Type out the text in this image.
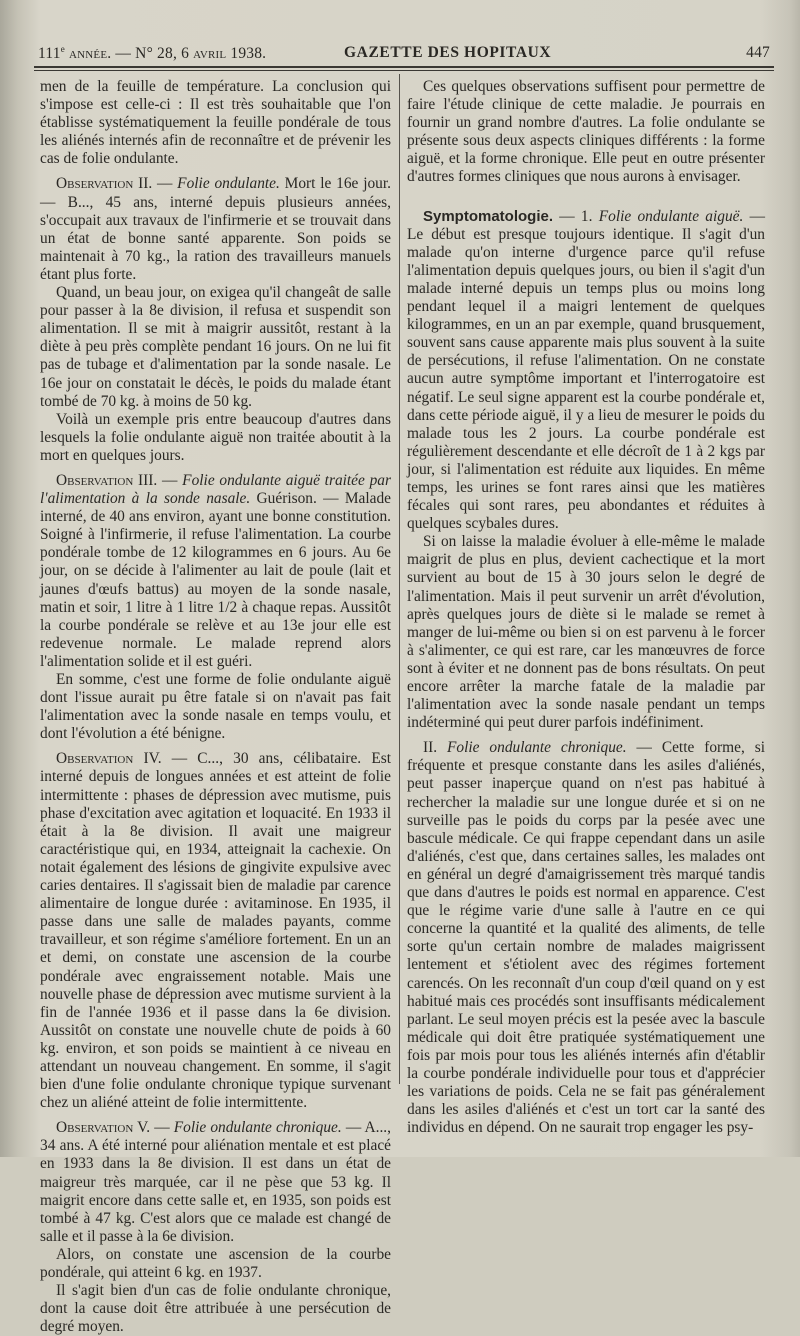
111e année. — N° 28, 6 avril 1938.	GAZETTE DES HOPITAUX	447

men de la feuille de température. La conclusion qui s'impose est celle-ci : Il est très souhaitable que l'on établisse systématiquement la feuille pondérale de tous les aliénés internés afin de reconnaître et de prévenir les cas de folie ondulante.

Observation II. — Folie ondulante. Mort le 16e jour. — B..., 45 ans, interné depuis plusieurs années, s'occupait aux travaux de l'infirmerie et se trouvait dans un état de bonne santé apparente. Son poids se maintenait à 70 kg., la ration des travailleurs manuels étant plus forte.

Quand, un beau jour, on exigea qu'il changeât de salle pour passer à la 8e division, il refusa et suspendit son alimentation. Il se mit à maigrir aussitôt, restant à la diète à peu près complète pendant 16 jours. On ne lui fit pas de tubage et d'alimentation par la sonde nasale. Le 16e jour on constatait le décès, le poids du malade étant tombé de 70 kg. à moins de 50 kg.

Voilà un exemple pris entre beaucoup d'autres dans lesquels la folie ondulante aiguë non traitée aboutit à la mort en quelques jours.

Observation III. — Folie ondulante aiguë traitée par l'alimentation à la sonde nasale. Guérison. — Malade interné, de 40 ans environ, ayant une bonne constitution. Soigné à l'infirmerie, il refuse l'alimentation. La courbe pondérale tombe de 12 kilogrammes en 6 jours. Au 6e jour, on se décide à l'alimenter au lait de poule (lait et jaunes d'œufs battus) au moyen de la sonde nasale, matin et soir, 1 litre à 1 litre 1/2 à chaque repas. Aussitôt la courbe pondérale se relève et au 13e jour elle est redevenue normale. Le malade reprend alors l'alimentation solide et il est guéri.

En somme, c'est une forme de folie ondulante aiguë dont l'issue aurait pu être fatale si on n'avait pas fait l'alimentation avec la sonde nasale en temps voulu, et dont l'évolution a été bénigne.

Observation IV. — C..., 30 ans, célibataire. Est interné depuis de longues années et est atteint de folie intermittente : phases de dépression avec mutisme, puis phase d'excitation avec agitation et loquacité. En 1933 il était à la 8e division. Il avait une maigreur caractéristique qui, en 1934, atteignait la cachexie. On notait également des lésions de gingivite expulsive avec caries dentaires. Il s'agissait bien de maladie par carence alimentaire de longue durée : avitaminose. En 1935, il passe dans une salle de malades payants, comme travailleur, et son régime s'améliore fortement. En un an et demi, on constate une ascension de la courbe pondérale avec engraissement notable. Mais une nouvelle phase de dépression avec mutisme survient à la fin de l'année 1936 et il passe dans la 6e division. Aussitôt on constate une nouvelle chute de poids à 60 kg. environ, et son poids se maintient à ce niveau en attendant un nouveau changement. En somme, il s'agit bien d'une folie ondulante chronique typique survenant chez un aliéné atteint de folie intermittente.

Observation V. — Folie ondulante chronique. — A..., 34 ans. A été interné pour aliénation mentale et est placé en 1933 dans la 8e division. Il est dans un état de maigreur très marquée, car il ne pèse que 53 kg. Il maigrit encore dans cette salle et, en 1935, son poids est tombé à 47 kg. C'est alors que ce malade est changé de salle et il passe à la 6e division.

Alors, on constate une ascension de la courbe pondérale, qui atteint 6 kg. en 1937.

Il s'agit bien d'un cas de folie ondulante chronique, dont la cause doit être attribuée à une persécution de degré moyen.

Ces quelques observations suffisent pour permettre de faire l'étude clinique de cette maladie. Je pourrais en fournir un grand nombre d'autres. La folie ondulante se présente sous deux aspects cliniques différents : la forme aiguë, et la forme chronique. Elle peut en outre présenter d'autres formes cliniques que nous aurons à envisager.

Symptomatologie. — 1. Folie ondulante aiguë. — Le début est presque toujours identique. Il s'agit d'un malade qu'on interne d'urgence parce qu'il refuse l'alimentation depuis quelques jours, ou bien il s'agit d'un malade interné depuis un temps plus ou moins long pendant lequel il a maigri lentement de quelques kilogrammes, en un an par exemple, quand brusquement, souvent sans cause apparente mais plus souvent à la suite de persécutions, il refuse l'alimentation. On ne constate aucun autre symptôme important et l'interrogatoire est négatif. Le seul signe apparent est la courbe pondérale et, dans cette période aiguë, il y a lieu de mesurer le poids du malade tous les 2 jours. La courbe pondérale est régulièrement descendante et elle décroît de 1 à 2 kgs par jour, si l'alimentation est réduite aux liquides. En même temps, les urines se font rares ainsi que les matières fécales qui sont rares, peu abondantes et réduites à quelques scybales dures.

Si on laisse la maladie évoluer à elle-même le malade maigrit de plus en plus, devient cachectique et la mort survient au bout de 15 à 30 jours selon le degré de l'alimentation. Mais il peut survenir un arrêt d'évolution, après quelques jours de diète si le malade se remet à manger de lui-même ou bien si on est parvenu à le forcer à s'alimenter, ce qui est rare, car les manœuvres de force sont à éviter et ne donnent pas de bons résultats. On peut encore arrêter la marche fatale de la maladie par l'alimentation avec la sonde nasale pendant un temps indéterminé qui peut durer parfois indéfiniment.

II. Folie ondulante chronique. — Cette forme, si fréquente et presque constante dans les asiles d'aliénés, peut passer inaperçue quand on n'est pas habitué à rechercher la maladie sur une longue durée et si on ne surveille pas le poids du corps par la pesée avec une bascule médicale. Ce qui frappe cependant dans un asile d'aliénés, c'est que, dans certaines salles, les malades ont en général un degré d'amaigrissement très marqué tandis que dans d'autres le poids est normal en apparence. C'est que le régime varie d'une salle à l'autre en ce qui concerne la quantité et la qualité des aliments, de telle sorte qu'un certain nombre de malades maigrissent lentement et s'étiolent avec des régimes fortement carencés. On les reconnaît d'un coup d'œil quand on y est habitué mais ces procédés sont insuffisants médicalement parlant. Le seul moyen précis est la pesée avec la bascule médicale qui doit être pratiquée systématiquement une fois par mois pour tous les aliénés internés afin d'établir la courbe pondérale individuelle pour tous et d'apprécier les variations de poids. Cela ne se fait pas généralement dans les asiles d'aliénés et c'est un tort car la santé des individus en dépend. On ne saurait trop engager les psy-
